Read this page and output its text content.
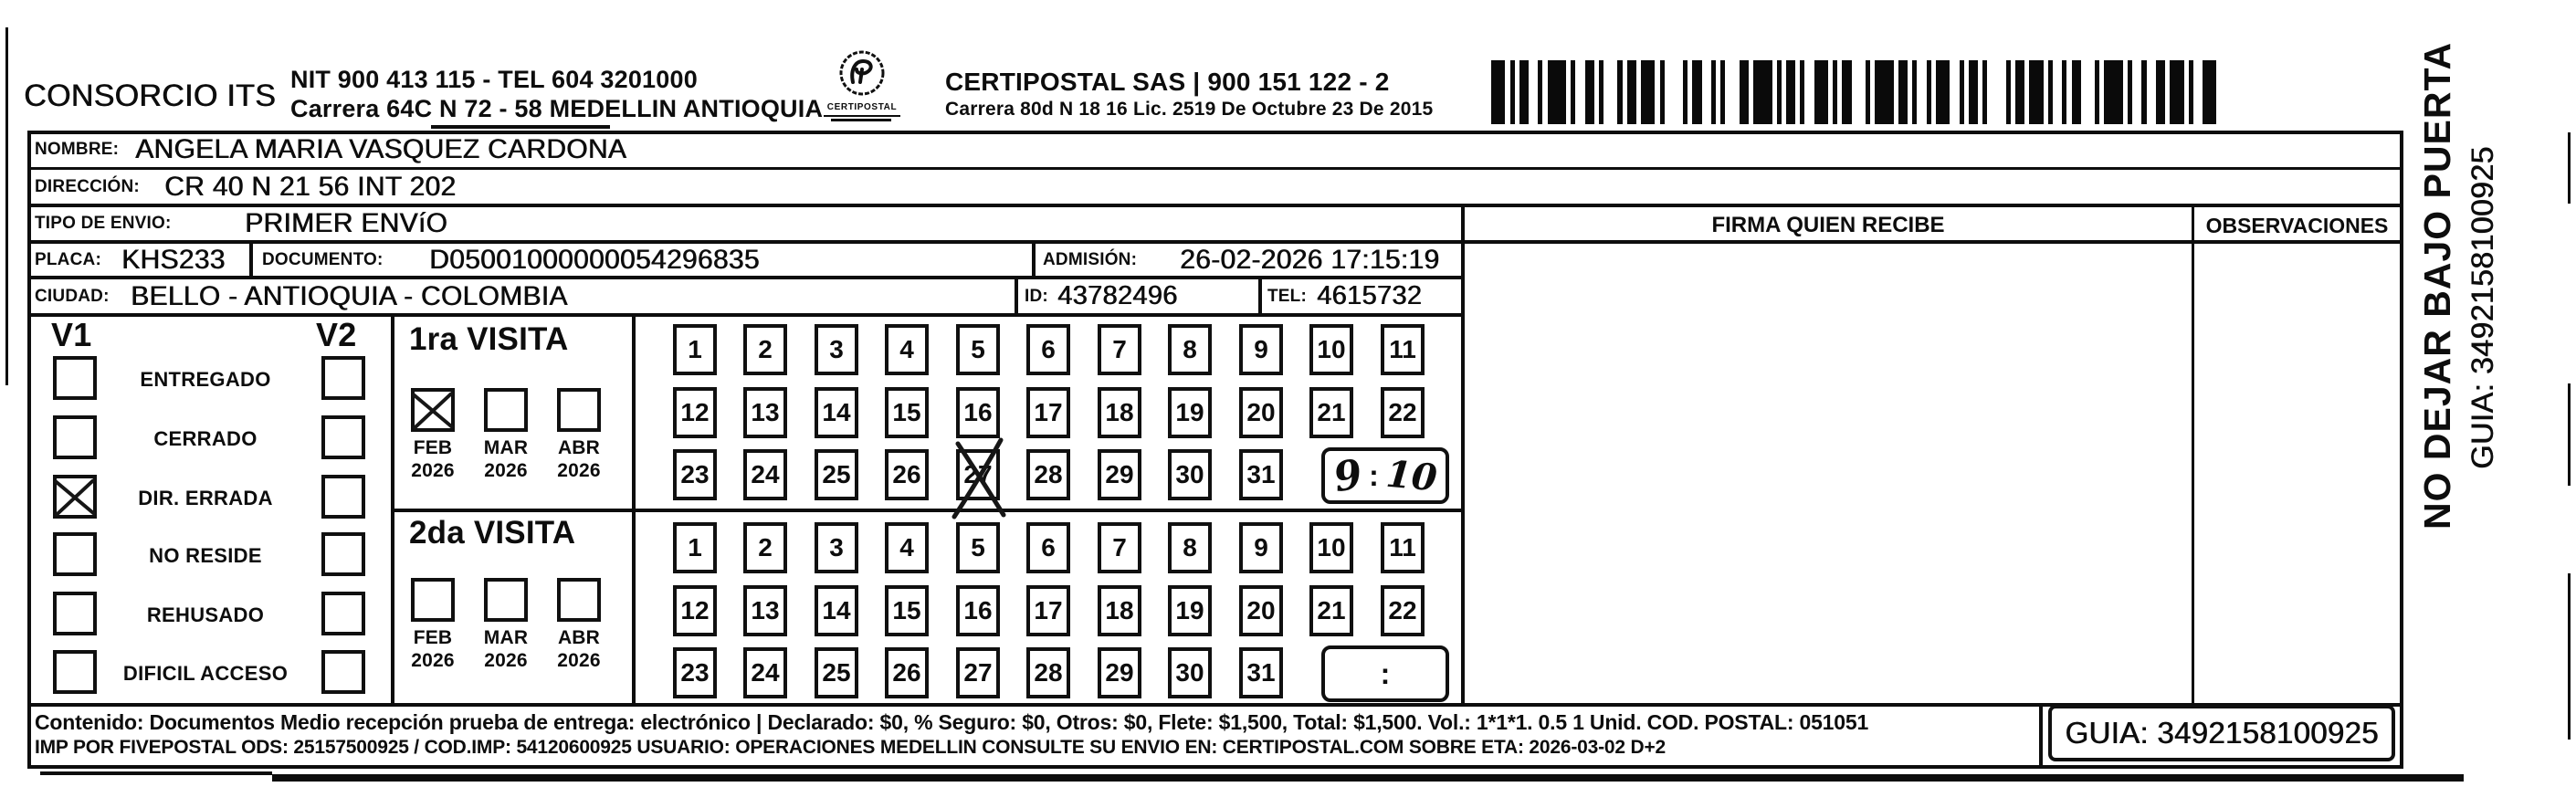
CONSORCIO ITS NIT 900 413 115 - TEL 604 3201000
Carrera 64C N 72 - 58 MEDELLIN ANTIOQUIA CERTIPOSTAL
CERTIPOSTAL SAS | 900 151 122 - 2
Carrera 80d N 18 16 Lic. 2519 De Octubre 23 De 2015
NOMBRE: ANGELA MARIA VASQUEZ CARDONA
DIRECCIÓN: CR 40 N 21 56 INT 202
TIPO DE ENVIO:	PRIMER ENVíO
PLACA: KHS233 DOCUMENTO: D05001000000054296835	ADMISIÓN: 26-02-2026 17:15:19
CIUDAD: BELLO - ANTIOQUIA - COLOMBIA	ID: 43782496	TEL: 4615732
FIRMA QUIEN RECIBE	OBSERVACIONES
V1	V2
ENTREGADO
CERRADO
DIR. ERRADA
NO RESIDE
REHUSADO
DIFICIL ACCESO
1ra VISITA
FEB	MAR	ABR
2026	2026	2026
2da VISITA
FEB	MAR	ABR
2026	2026	2026
9 : 10
1	2	3	4	5	6	7	8	9	10	11
12	13	14	15	16	17	18	19	20	21	22
23	24	25	26	27	28	29	30	31
:
1	2	3	4	5	6	7	8	9	10	11
12	13	14	15	16	17	18	19	20	21	22
23	24	25	26	27	28	29	30	31
NO DEJAR BAJO PUERTA GUIA: 3492158100925
Contenido: Documentos Medio recepción prueba de entrega: electrónico | Declarado: $0, % Seguro: $0, Otros: $0, Flete: $1,500, Total: $1,500. Vol.: 1*1*1. 0.5 1 Unid. COD. POSTAL: 051051
IMP POR FIVEPOSTAL ODS: 25157500925 / COD.IMP: 54120600925 USUARIO: OPERACIONES MEDELLIN CONSULTE SU ENVIO EN: CERTIPOSTAL.COM SOBRE ETA: 2026-03-02 D+2	GUIA: 3492158100925
